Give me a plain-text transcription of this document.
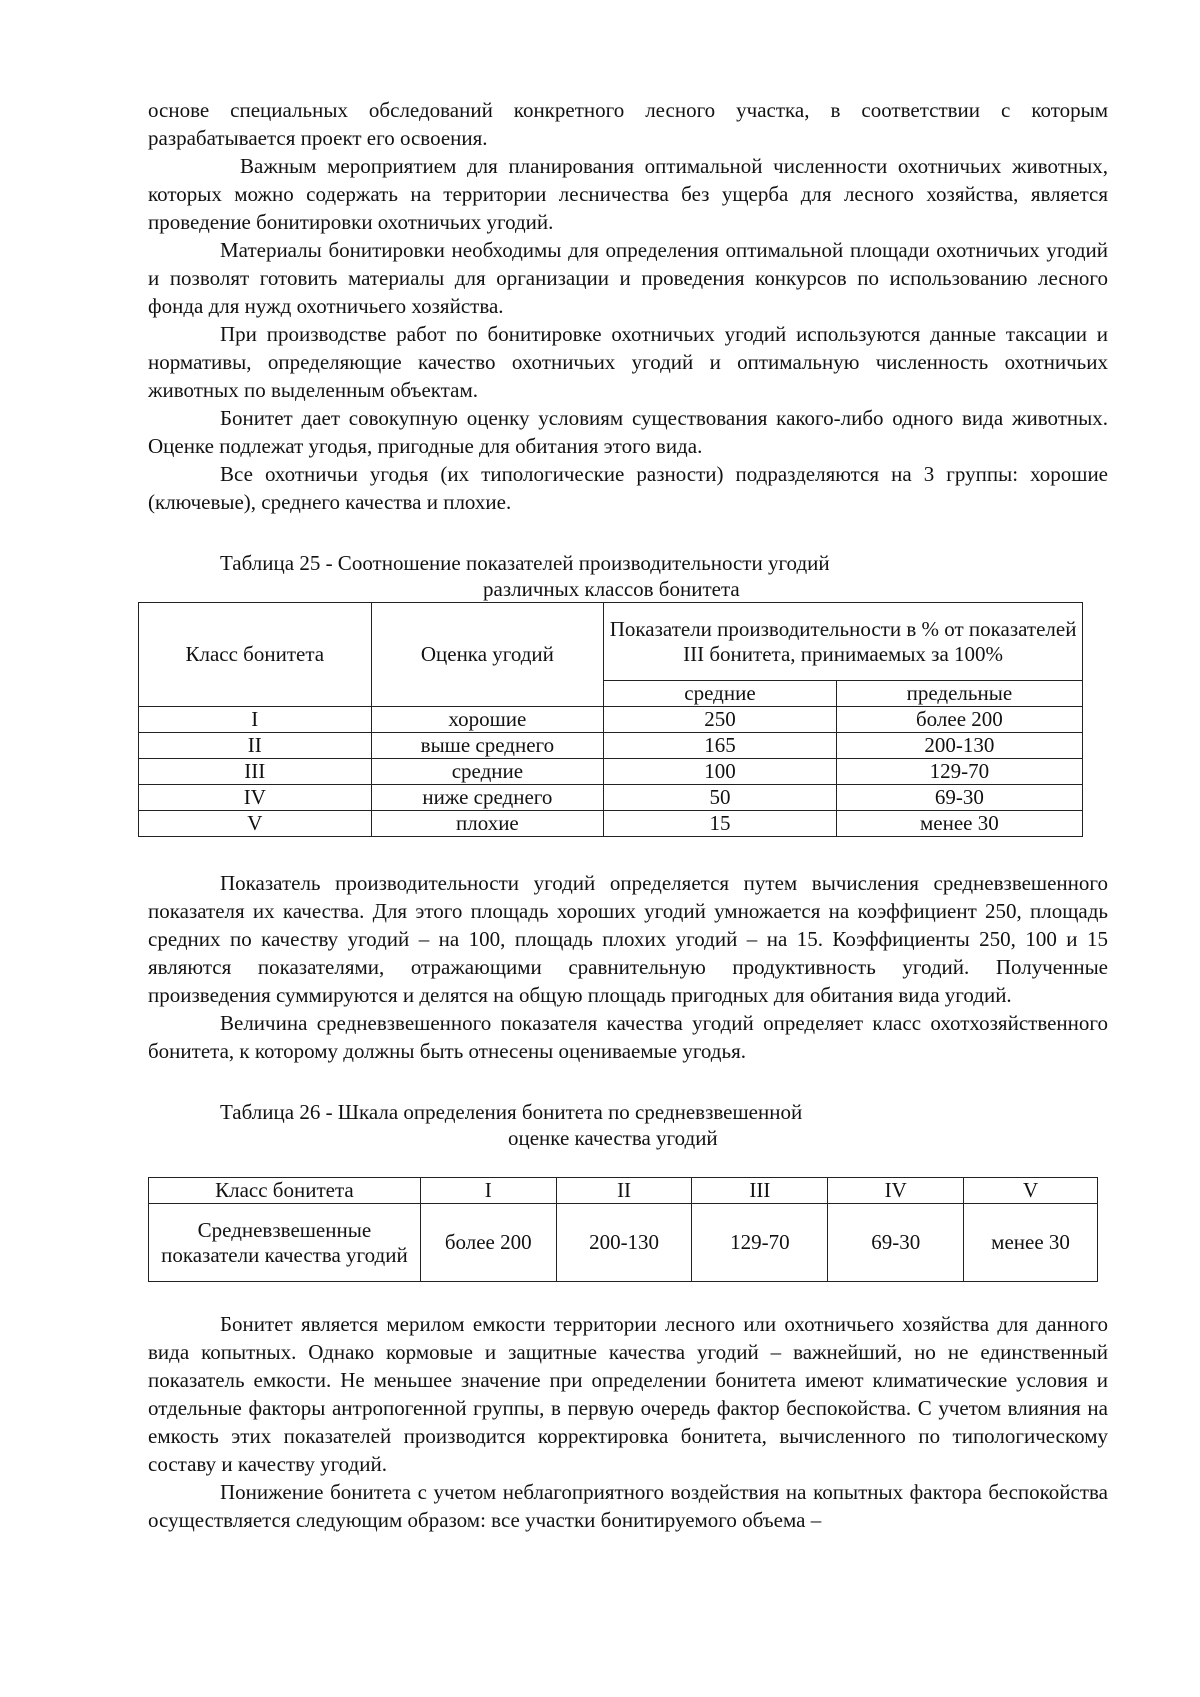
основе специальных обследований конкретного лесного участка, в соответствии с которым разрабатывается проект его освоения.

Важным мероприятием для планирования оптимальной численности охотничьих животных, которых можно содержать на территории лесничества без ущерба для лесного хозяйства, является проведение бонитировки охотничьих угодий.

Материалы бонитировки необходимы для определения оптимальной площади охотничьих угодий и позволят готовить материалы для организации и проведения конкурсов по использованию лесного фонда для нужд охотничьего хозяйства.

При производстве работ по бонитировке охотничьих угодий используются данные таксации и нормативы, определяющие качество охотничьих угодий и оптимальную численность охотничьих животных по выделенным объектам.

Бонитет дает совокупную оценку условиям существования какого-либо одного вида животных. Оценке подлежат угодья, пригодные для обитания этого вида.

Все охотничьи угодья (их типологические разности) подразделяются на 3 группы: хорошие (ключевые), среднего качества и плохие.

Таблица 25 - Соотношение показателей производительности угодий
различных классов бонитета
Класс бонитета	Оценка угодий	Показатели производительности в % от показателей III бонитета, принимаемых за 100%	
		средние	предельные
I	хорошие	250	более 200
II	выше среднего	165	200-130
III	средние	100	129-70
IV	ниже среднего	50	69-30
V	плохие	15	менее 30

Показатель производительности угодий определяется путем вычисления средневзвешенного показателя их качества. Для этого площадь хороших угодий умножается на коэффициент 250, площадь средних по качеству угодий – на 100, площадь плохих угодий – на 15. Коэффициенты 250, 100 и 15 являются показателями, отражающими сравнительную продуктивность угодий. Полученные произведения суммируются и делятся на общую площадь пригодных для обитания вида угодий.

Величина средневзвешенного показателя качества угодий определяет класс охотхозяйственного бонитета, к которому должны быть отнесены оцениваемые угодья.

Таблица 26 - Шкала определения бонитета по средневзвешенной
оценке качества угодий
Класс бонитета	I	II	III	IV	V
Средневзвешенные показатели качества угодий	более 200	200-130	129-70	69-30	менее 30

Бонитет является мерилом емкости территории лесного или охотничьего хозяйства для данного вида копытных. Однако кормовые и защитные качества угодий – важнейший, но не единственный показатель емкости. Не меньшее значение при определении бонитета имеют климатические условия и отдельные факторы антропогенной группы, в первую очередь фактор беспокойства. С учетом влияния на емкость этих показателей производится корректировка бонитета, вычисленного по типологическому составу и качеству угодий.

Понижение бонитета с учетом неблагоприятного воздействия на копытных фактора беспокойства осуществляется следующим образом: все участки бонитируемого объема –
